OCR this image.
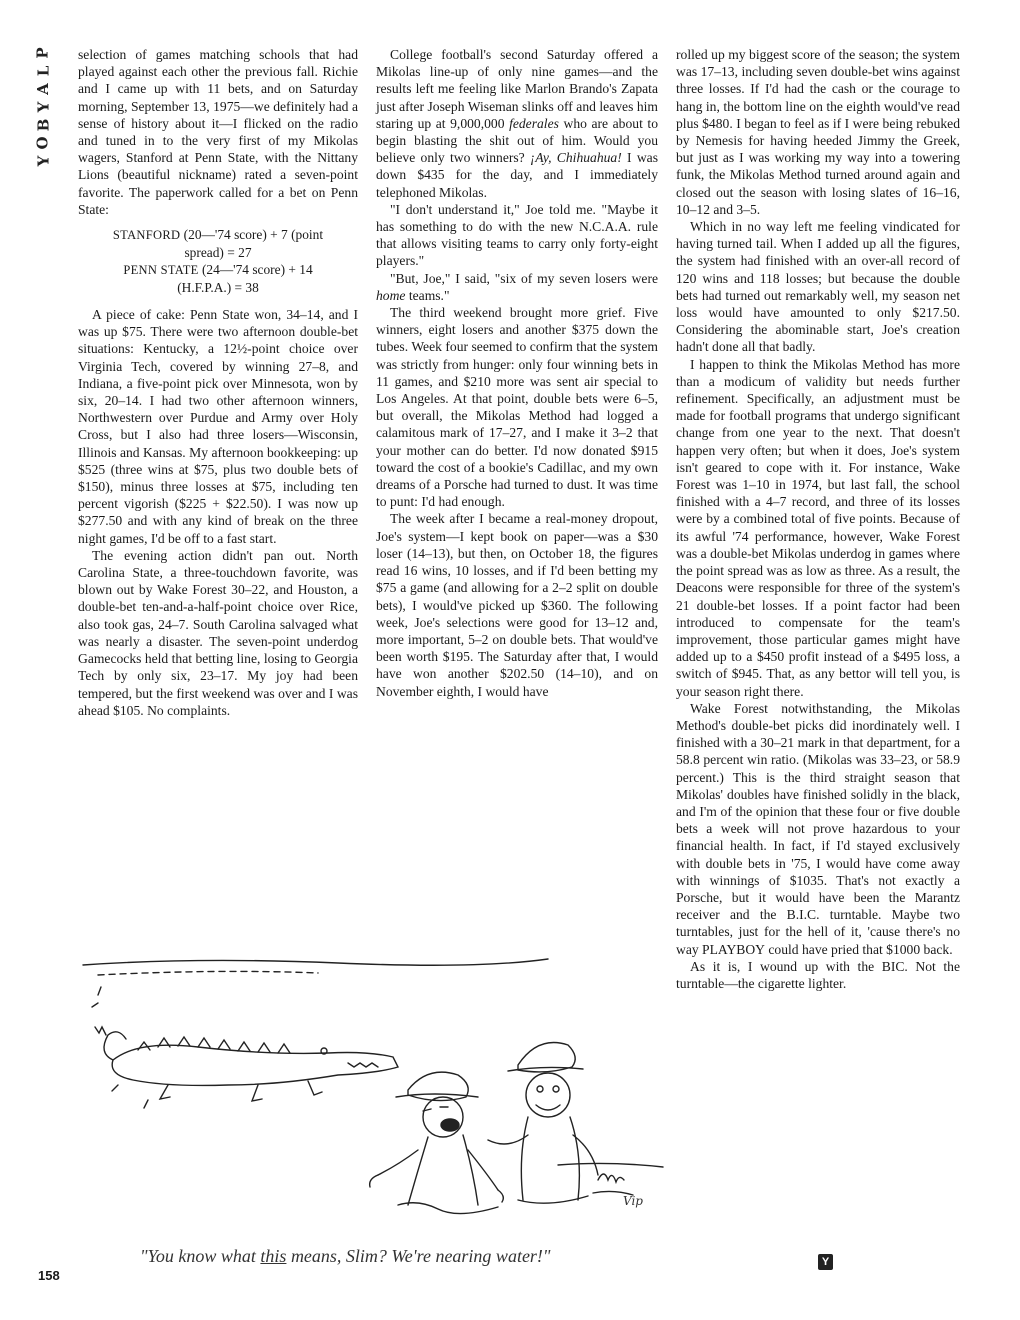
P
L
A
Y
B
O
Y

selection of games matching schools that had played against each other the previous fall. Richie and I came up with 11 bets, and on Saturday morning, September 13, 1975—we definitely had a sense of history about it—I flicked on the radio and tuned in to the very first of my Mikolas wagers, Stanford at Penn State, with the Nittany Lions (beautiful nickname) rated a seven-point favorite. The paperwork called for a bet on Penn State:

STANFORD (20—'74 score) + 7 (point
spread) = 27
PENN STATE (24—'74 score) + 14
(H.F.P.A.) = 38

A piece of cake: Penn State won, 34–14, and I was up $75. There were two afternoon double-bet situations: Kentucky, a 12½-point choice over Virginia Tech, covered by winning 27–8, and Indiana, a five-point pick over Minnesota, won by six, 20–14. I had two other afternoon winners, Northwestern over Purdue and Army over Holy Cross, but I also had three losers—Wisconsin, Illinois and Kansas. My afternoon bookkeeping: up $525 (three wins at $75, plus two double bets of $150), minus three losses at $75, including ten percent vigorish ($225 + $22.50). I was now up $277.50 and with any kind of break on the three night games, I'd be off to a fast start.

The evening action didn't pan out. North Carolina State, a three-touchdown favorite, was blown out by Wake Forest 30–22, and Houston, a double-bet ten-and-a-half-point choice over Rice, also took gas, 24–7. South Carolina salvaged what was nearly a disaster. The seven-point underdog Gamecocks held that betting line, losing to Georgia Tech by only six, 23–17. My joy had been tempered, but the first weekend was over and I was ahead $105. No complaints.

College football's second Saturday offered a Mikolas line-up of only nine games—and the results left me feeling like Marlon Brando's Zapata just after Joseph Wiseman slinks off and leaves him staring up at 9,000,000 federales who are about to begin blasting the shit out of him. Would you believe only two winners? ¡Ay, Chihuahua! I was down $435 for the day, and I immediately telephoned Mikolas.

"I don't understand it," Joe told me. "Maybe it has something to do with the new N.C.A.A. rule that allows visiting teams to carry only forty-eight players."

"But, Joe," I said, "six of my seven losers were home teams."

The third weekend brought more grief. Five winners, eight losers and another $375 down the tubes. Week four seemed to confirm that the system was strictly from hunger: only four winning bets in 11 games, and $210 more was sent air special to Los Angeles. At that point, double bets were 6–5, but overall, the Mikolas Method had logged a calamitous mark of 17–27, and I make it 3–2 that your mother can do better. I'd now donated $915 toward the cost of a bookie's Cadillac, and my own dreams of a Porsche had turned to dust. It was time to punt: I'd had enough.

The week after I became a real-money dropout, Joe's system—I kept book on paper—was a $30 loser (14–13), but then, on October 18, the figures read 16 wins, 10 losses, and if I'd been betting my $75 a game (and allowing for a 2–2 split on double bets), I would've picked up $360. The following week, Joe's selections were good for 13–12 and, more important, 5–2 on double bets. That would've been worth $195. The Saturday after that, I would have won another $202.50 (14–10), and on November eighth, I would have

rolled up my biggest score of the season; the system was 17–13, including seven double-bet wins against three losses. If I'd had the cash or the courage to hang in, the bottom line on the eighth would've read plus $480. I began to feel as if I were being rebuked by Nemesis for having heeded Jimmy the Greek, but just as I was working my way into a towering funk, the Mikolas Method turned around again and closed out the season with losing slates of 16–16, 10–12 and 3–5.

Which in no way left me feeling vindicated for having turned tail. When I added up all the figures, the system had finished with an over-all record of 120 wins and 118 losses; but because the double bets had turned out remarkably well, my season net loss would have amounted to only $217.50. Considering the abominable start, Joe's creation hadn't done all that badly.

I happen to think the Mikolas Method has more than a modicum of validity but needs further refinement. Specifically, an adjustment must be made for football programs that undergo significant change from one year to the next. That doesn't happen very often; but when it does, Joe's system isn't geared to cope with it. For instance, Wake Forest was 1–10 in 1974, but last fall, the school finished with a 4–7 record, and three of its losses were by a combined total of five points. Because of its awful '74 performance, however, Wake Forest was a double-bet Mikolas underdog in games where the point spread was as low as three. As a result, the Deacons were responsible for three of the system's 21 double-bet losses. If a point factor had been introduced to compensate for the team's improvement, those particular games might have added up to a $450 profit instead of a $495 loss, a switch of $945. That, as any bettor will tell you, is your season right there.

Wake Forest notwithstanding, the Mikolas Method's double-bet picks did inordinately well. I finished with a 30–21 mark in that department, for a 58.8 percent win ratio. (Mikolas was 33–23, or 58.9 percent.) This is the third straight season that Mikolas' doubles have finished solidly in the black, and I'm of the opinion that these four or five double bets a week will not prove hazardous to your financial health. In fact, if I'd stayed exclusively with double bets in '75, I would have come away with winnings of $1035. That's not exactly a Porsche, but it would have been the Marantz receiver and the B.I.C. turntable. Maybe two turntables, just for the hell of it, 'cause there's no way PLAYBOY could have pried that $1000 back.

As it is, I wound up with the BIC. Not the turntable—the cigarette lighter.

Vip
"You know what this means, Slim? We're nearing water!"
158
Y
